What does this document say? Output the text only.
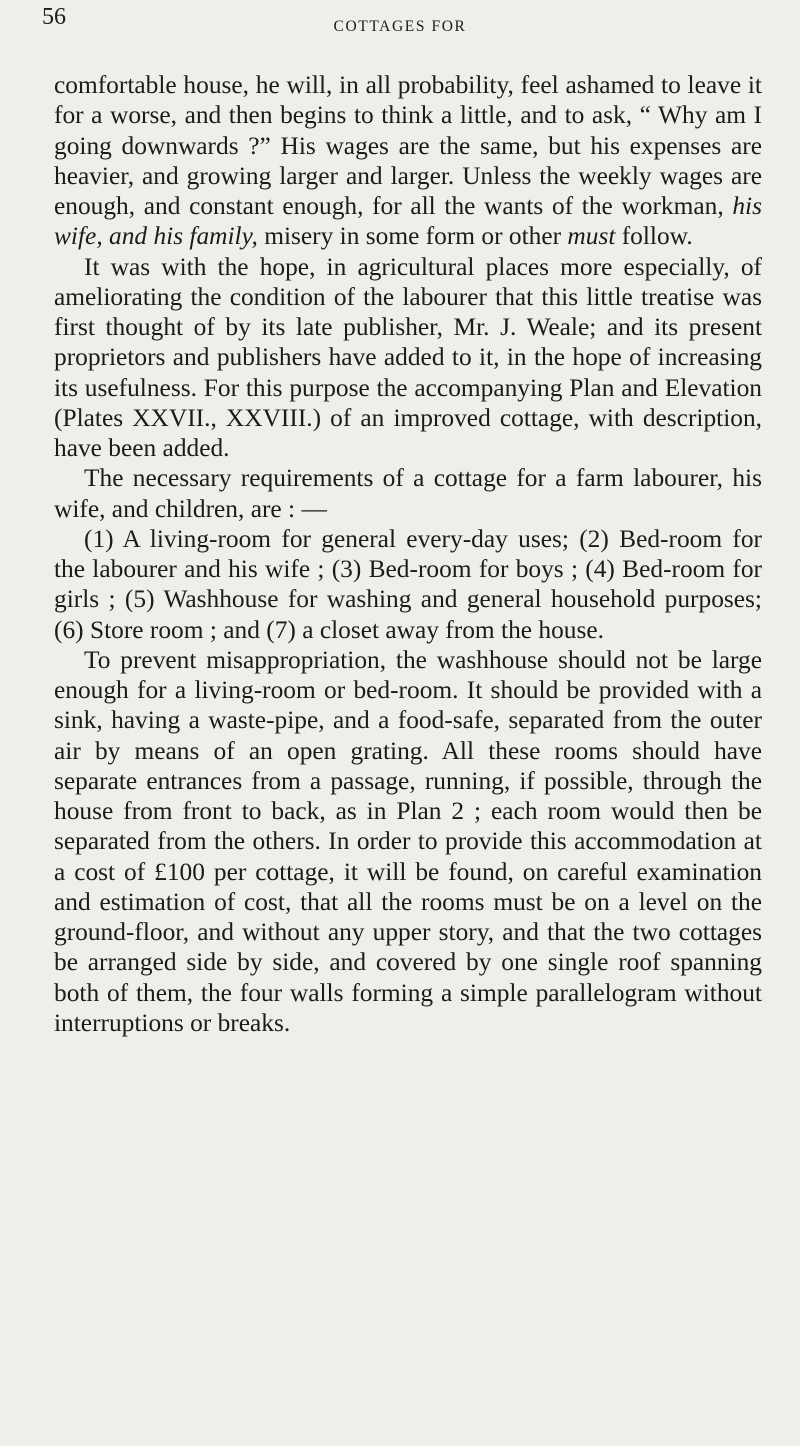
56	COTTAGES FOR

comfortable house, he will, in all probability, feel ashamed to leave it for a worse, and then begins to think a little, and to ask, “ Why am I going downwards ?” His wages are the same, but his expenses are heavier, and growing larger and larger. Unless the weekly wages are enough, and constant enough, for all the wants of the workman, his wife, and his family, misery in some form or other must follow.

It was with the hope, in agricultural places more especially, of ameliorating the condition of the labourer that this little treatise was first thought of by its late publisher, Mr. J. Weale; and its present proprietors and publishers have added to it, in the hope of increasing its usefulness. For this purpose the accompanying Plan and Elevation (Plates XXVII., XXVIII.) of an improved cottage, with description, have been added.

The necessary requirements of a cottage for a farm labourer, his wife, and children, are : —

(1) A living-room for general every-day uses; (2) Bed-room for the labourer and his wife ; (3) Bed-room for boys ; (4) Bed-room for girls ; (5) Washhouse for washing and general household purposes; (6) Store room ; and (7) a closet away from the house.

To prevent misappropriation, the washhouse should not be large enough for a living-room or bed-room. It should be provided with a sink, having a waste-pipe, and a food-safe, separated from the outer air by means of an open grating. All these rooms should have separate entrances from a passage, running, if possible, through the house from front to back, as in Plan 2 ; each room would then be separated from the others. In order to provide this accommodation at a cost of £100 per cottage, it will be found, on careful examination and estimation of cost, that all the rooms must be on a level on the ground-floor, and without any upper story, and that the two cottages be arranged side by side, and covered by one single roof spanning both of them, the four walls forming a simple parallelogram without interruptions or breaks.
